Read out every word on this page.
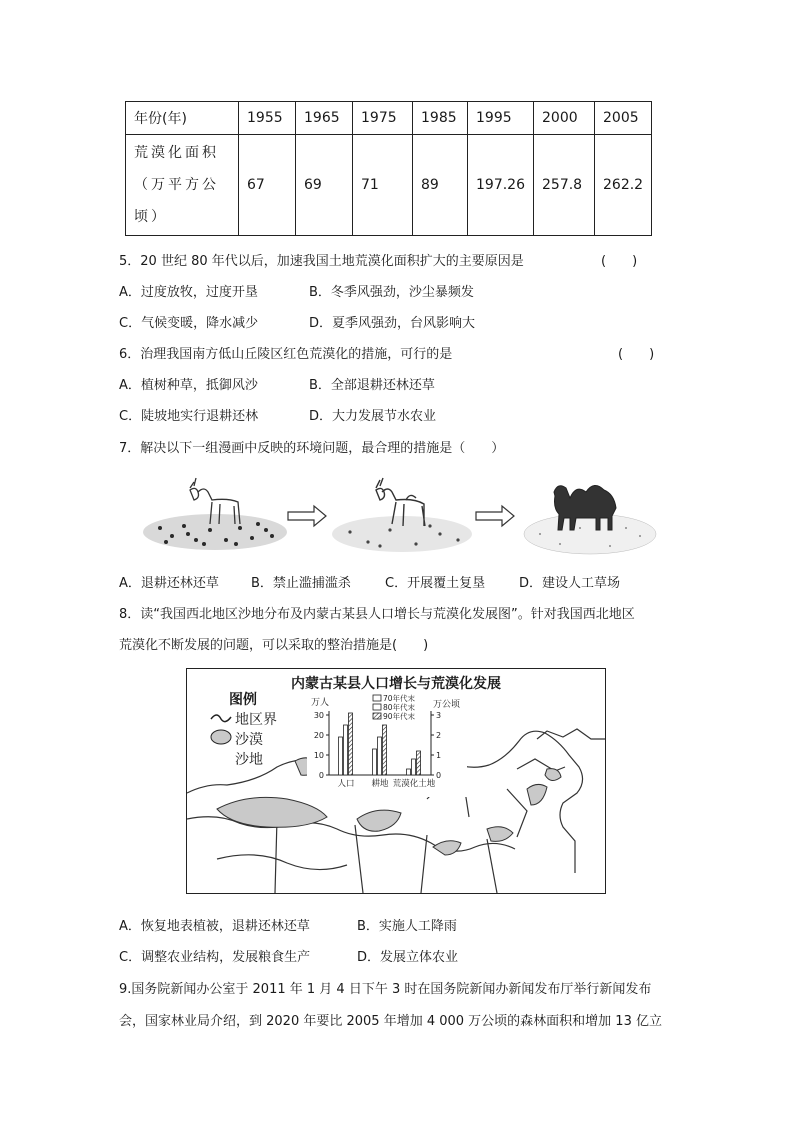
年份(年)	1955	1965	1975	1985	1995	2000	2005
荒漠化面积（万平方公顷）	67	69	71	89	197.26	257.8	262.2
5．20 世纪 80 年代以后，加速我国土地荒漠化面积扩大的主要原因是	(　　)
A．过度放牧，过度开垦	B．冬季风强劲，沙尘暴频发
C．气候变暖，降水减少	D．夏季风强劲，台风影响大
6．治理我国南方低山丘陵区红色荒漠化的措施，可行的是	(　　)
A．植树种草，抵御风沙	B．全部退耕还林还草
C．陡坡地实行退耕还林	D．大力发展节水农业
7．解决以下一组漫画中反映的环境问题，最合理的措施是（　　）
A．退耕还林还草 B．禁止滥捕滥杀	C．开展覆土复垦	D．建设人工草场
8．读“我国西北地区沙地分布及内蒙古某县人口增长与荒漠化发展图”。针对我国西北地区
荒漠化不断发展的问题，可以采取的整治措施是(　　)
内蒙古某县人口增长与荒漠化发展
图例
地区界
沙漠
沙地
万人	万公顷
0	0
10	1
20	2
30	3
人口 耕地 荒漠化土地
70年代末
80年代末
90年代末
A．恢复地表植被，退耕还林还草	B．实施人工降雨
C．调整农业结构，发展粮食生产	D．发展立体农业
9.国务院新闻办公室于 2011 年 1 月 4 日下午 3 时在国务院新闻办新闻发布厅举行新闻发布
会，国家林业局介绍，到 2020 年要比 2005 年增加 4 000 万公顷的森林面积和增加 13 亿立
